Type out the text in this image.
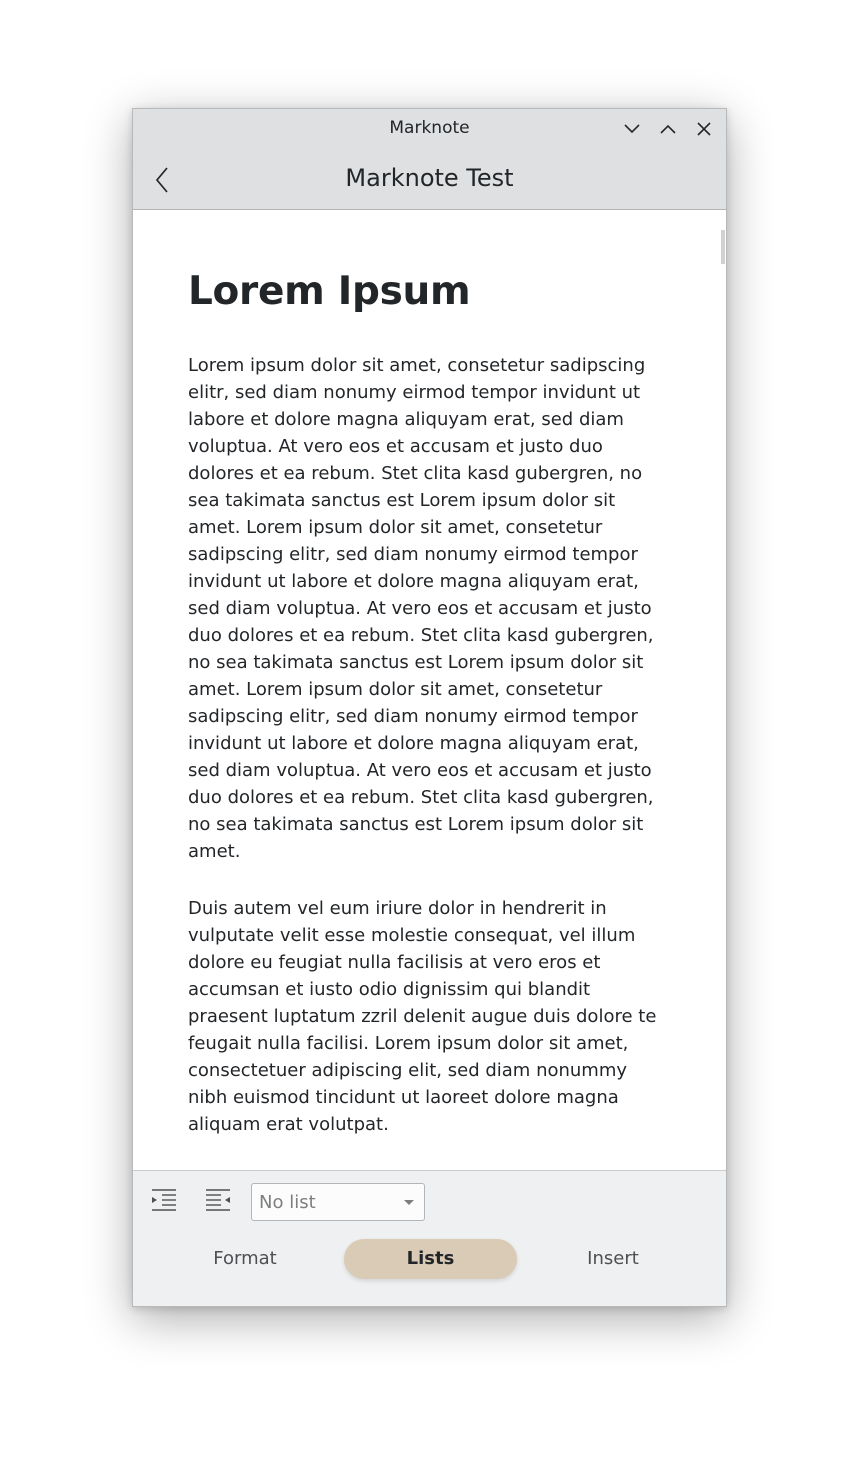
Marknote
Marknote Test
Lorem Ipsum

Lorem ipsum dolor sit amet, consetetur sadipscing
elitr, sed diam nonumy eirmod tempor invidunt ut
labore et dolore magna aliquyam erat, sed diam
voluptua. At vero eos et accusam et justo duo
dolores et ea rebum. Stet clita kasd gubergren, no
sea takimata sanctus est Lorem ipsum dolor sit
amet. Lorem ipsum dolor sit amet, consetetur
sadipscing elitr, sed diam nonumy eirmod tempor
invidunt ut labore et dolore magna aliquyam erat,
sed diam voluptua. At vero eos et accusam et justo
duo dolores et ea rebum. Stet clita kasd gubergren,
no sea takimata sanctus est Lorem ipsum dolor sit
amet. Lorem ipsum dolor sit amet, consetetur
sadipscing elitr, sed diam nonumy eirmod tempor
invidunt ut labore et dolore magna aliquyam erat,
sed diam voluptua. At vero eos et accusam et justo
duo dolores et ea rebum. Stet clita kasd gubergren,
no sea takimata sanctus est Lorem ipsum dolor sit
amet.

Duis autem vel eum iriure dolor in hendrerit in
vulputate velit esse molestie consequat, vel illum
dolore eu feugiat nulla facilisis at vero eros et
accumsan et iusto odio dignissim qui blandit
praesent luptatum zzril delenit augue duis dolore te
feugait nulla facilisi. Lorem ipsum dolor sit amet,
consectetuer adipiscing elit, sed diam nonummy
nibh euismod tincidunt ut laoreet dolore magna
aliquam erat volutpat.

No list
Format	Lists	Insert
